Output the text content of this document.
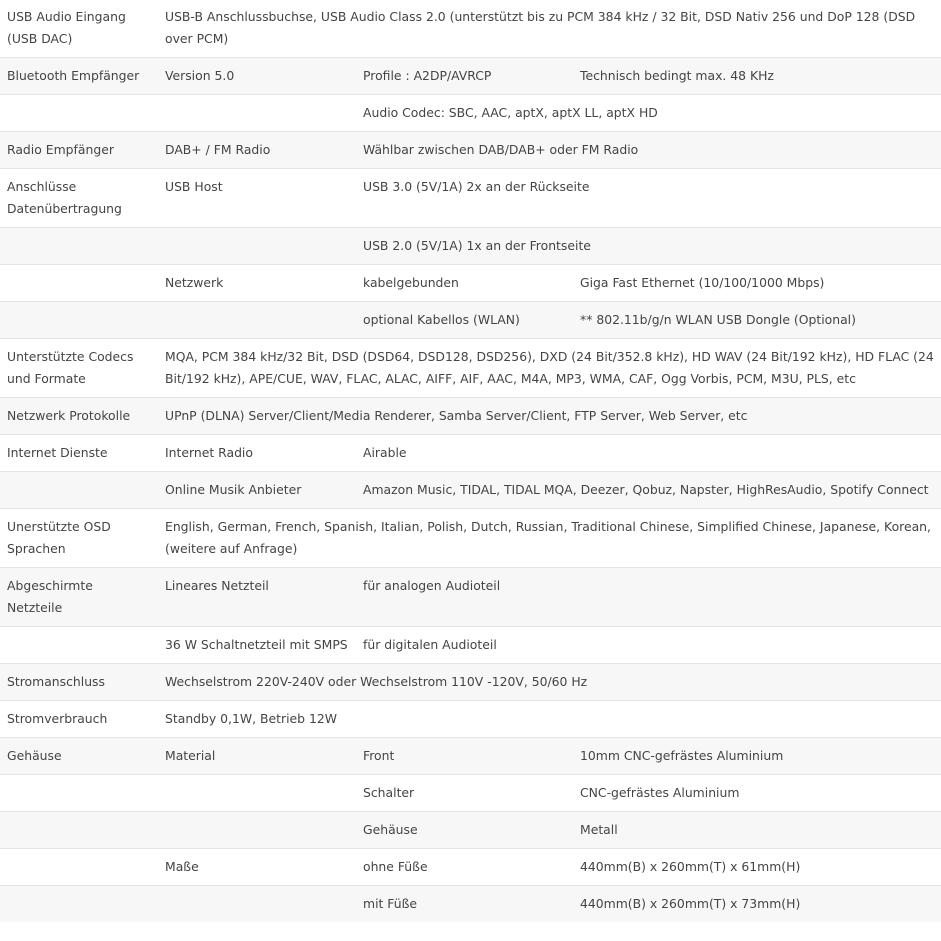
USB Audio Eingang (USB DAC)	USB-B Anschlussbuchse, USB Audio Class 2.0 (unterstützt bis zu PCM 384 kHz / 32 Bit, DSD Nativ 256 und DoP 128 (DSD over PCM)		
Bluetooth Empfänger	Version 5.0	Profile : A2DP/AVRCP	Technisch bedingt max. 48 KHz
		Audio Codec: SBC, AAC, aptX, aptX LL, aptX HD	
Radio Empfänger	DAB+ / FM Radio	Wählbar zwischen DAB/DAB+ oder FM Radio	
Anschlüsse Datenübertragung	USB Host	USB 3.0 (5V/1A) 2x an der Rückseite	
		USB 2.0 (5V/1A) 1x an der Frontseite	
	Netzwerk	kabelgebunden	Giga Fast Ethernet (10/100/1000 Mbps)
		optional Kabellos (WLAN)	** 802.11b/g/n WLAN USB Dongle (Optional)
Unterstützte Codecs und Formate	MQA, PCM 384 kHz/32 Bit, DSD (DSD64, DSD128, DSD256), DXD (24 Bit/352.8 kHz), HD WAV (24 Bit/192 kHz), HD FLAC (24 Bit/192 kHz), APE/CUE, WAV, FLAC, ALAC, AIFF, AIF, AAC, M4A, MP3, WMA, CAF, Ogg Vorbis, PCM, M3U, PLS, etc		
Netzwerk Protokolle	UPnP (DLNA) Server/Client/Media Renderer, Samba Server/Client, FTP Server, Web Server, etc		
Internet Dienste	Internet Radio	Airable	
	Online Musik Anbieter	Amazon Music, TIDAL, TIDAL MQA, Deezer, Qobuz, Napster, HighResAudio, Spotify Connect	
Unerstützte OSD Sprachen	English, German, French, Spanish, Italian, Polish, Dutch, Russian, Traditional Chinese, Simplified Chinese, Japanese, Korean, (weitere auf Anfrage)		
Abgeschirmte Netzteile	Lineares Netzteil	für analogen Audioteil	
	36 W Schaltnetzteil mit SMPS	für digitalen Audioteil	
Stromanschluss	Wechselstrom 220V-240V oder Wechselstrom 110V -120V, 50/60 Hz		
Stromverbrauch	Standby 0,1W, Betrieb 12W		
Gehäuse	Material	Front	10mm CNC-gefrästes Aluminium
		Schalter	CNC-gefrästes Aluminium
		Gehäuse	Metall
	Maße	ohne Füße	440mm(B) x 260mm(T) x 61mm(H)
		mit Füße	440mm(B) x 260mm(T) x 73mm(H)
